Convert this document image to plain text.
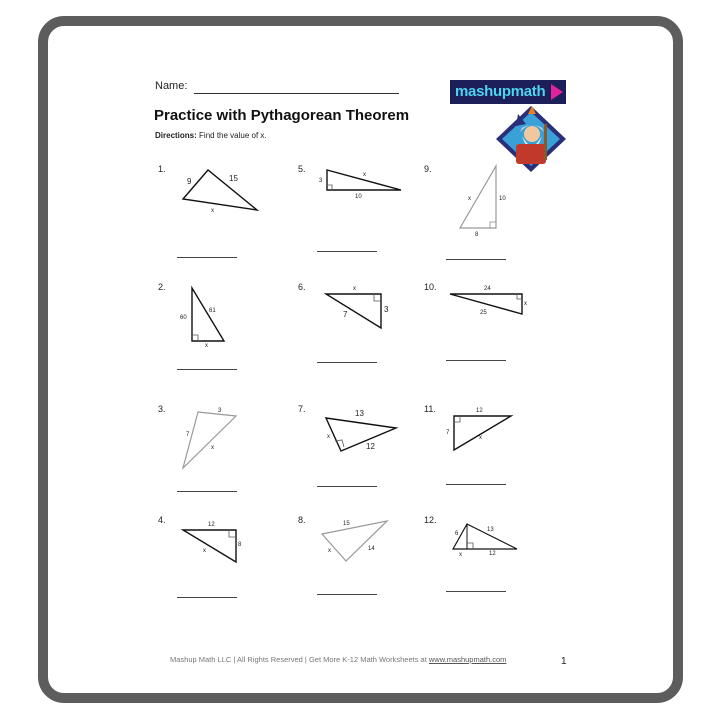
Name:
Practice with Pythagorean Theorem
Directions: Find the value of x.
mashupmath
1.
9	15
x
2.
60
61
x
3.	3
7
x
4.	12
8
x
5.
3
x
10
6.	x
3
7
7.	13
x
12
8.	15
x	14
9.
x	10
8
10.	24
x
25
11.	12
7
x
12.
6
13
x	12
Mashup Math LLC | All Rights Reserved | Get More K-12 Math Worksheets at www.mashupmath.com	1
